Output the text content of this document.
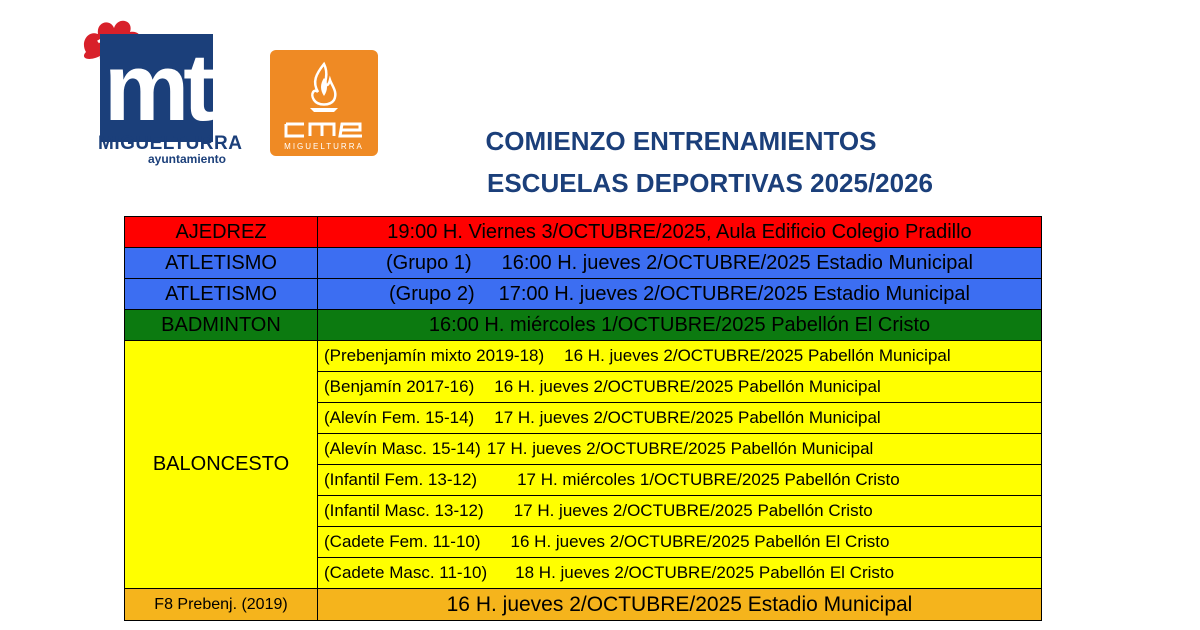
mt
MIGUELTURRA
ayuntamiento
MIGUELTURRA	COMIENZO ENTRENAMIENTOS
ESCUELAS DEPORTIVAS 2025/2026
AJEDREZ	19:00 H. Viernes 3/OCTUBRE/2025, Aula Edificio Colegio Pradillo
ATLETISMO	(Grupo 1) 16:00 H. jueves 2/OCTUBRE/2025 Estadio Municipal
ATLETISMO	(Grupo 2) 17:00 H. jueves 2/OCTUBRE/2025 Estadio Municipal
BADMINTON	16:00 H. miércoles 1/OCTUBRE/2025 Pabellón El Cristo
BALONCESTO	(Prebenjamín mixto 2019-18) 16 H. jueves 2/OCTUBRE/2025 Pabellón Municipal
	(Benjamín 2017-16) 16 H. jueves 2/OCTUBRE/2025 Pabellón Municipal
	(Alevín Fem. 15-14) 17 H. jueves 2/OCTUBRE/2025 Pabellón Municipal
	(Alevín Masc. 15-14) 17 H. jueves 2/OCTUBRE/2025 Pabellón Municipal
	(Infantil Fem. 13-12) 17 H. miércoles 1/OCTUBRE/2025 Pabellón Cristo
	(Infantil Masc. 13-12) 17 H. jueves 2/OCTUBRE/2025 Pabellón Cristo
	(Cadete Fem. 11-10) 16 H. jueves 2/OCTUBRE/2025 Pabellón El Cristo
	(Cadete Masc. 11-10) 18 H. jueves 2/OCTUBRE/2025 Pabellón El Cristo
F8 Prebenj. (2019)	16 H. jueves 2/OCTUBRE/2025 Estadio Municipal
